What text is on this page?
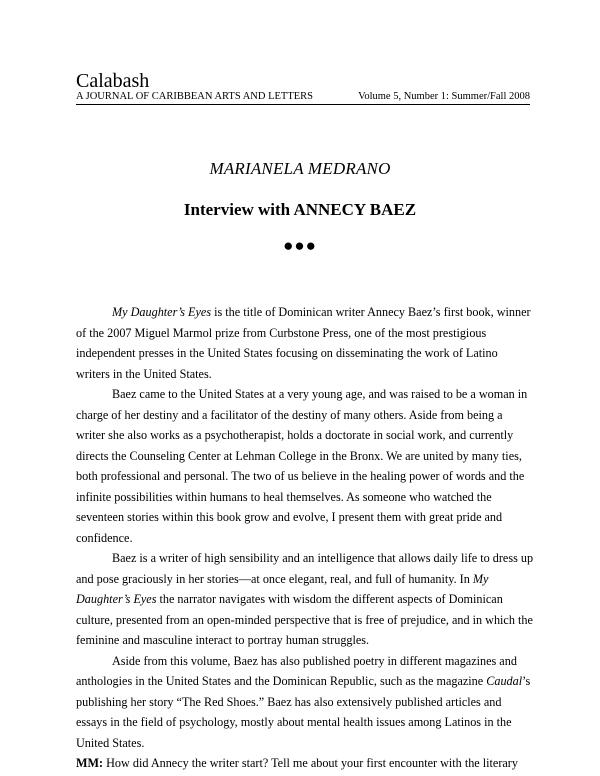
Calabash
A JOURNAL OF CARIBBEAN ARTS AND LETTERS	Volume 5, Number 1: Summer/Fall 2008
MARIANELA MEDRANO
Interview with ANNECY BAEZ
●●●

My Daughter’s Eyes is the title of Dominican writer Annecy Baez’s first book, winner of the 2007 Miguel Marmol prize from Curbstone Press, one of the most prestigious independent presses in the United States focusing on disseminating the work of Latino writers in the United States.

Baez came to the United States at a very young age, and was raised to be a woman in charge of her destiny and a facilitator of the destiny of many others. Aside from being a writer she also works as a psychotherapist, holds a doctorate in social work, and currently directs the Counseling Center at Lehman College in the Bronx. We are united by many ties, both professional and personal. The two of us believe in the healing power of words and the infinite possibilities within humans to heal themselves. As someone who watched the seventeen stories within this book grow and evolve, I present them with great pride and confidence.

Baez is a writer of high sensibility and an intelligence that allows daily life to dress up and pose graciously in her stories—at once elegant, real, and full of humanity. In My Daughter’s Eyes the narrator navigates with wisdom the different aspects of Dominican culture, presented from an open-minded perspective that is free of prejudice, and in which the feminine and masculine interact to portray human struggles.

Aside from this volume, Baez has also published poetry in different magazines and anthologies in the United States and the Dominican Republic, such as the magazine Caudal’s publishing her story “The Red Shoes.” Baez has also extensively published articles and essays in the field of psychology, mostly about mental health issues among Latinos in the United States.

MM: How did Annecy the writer start? Tell me about your first encounter with the literary
